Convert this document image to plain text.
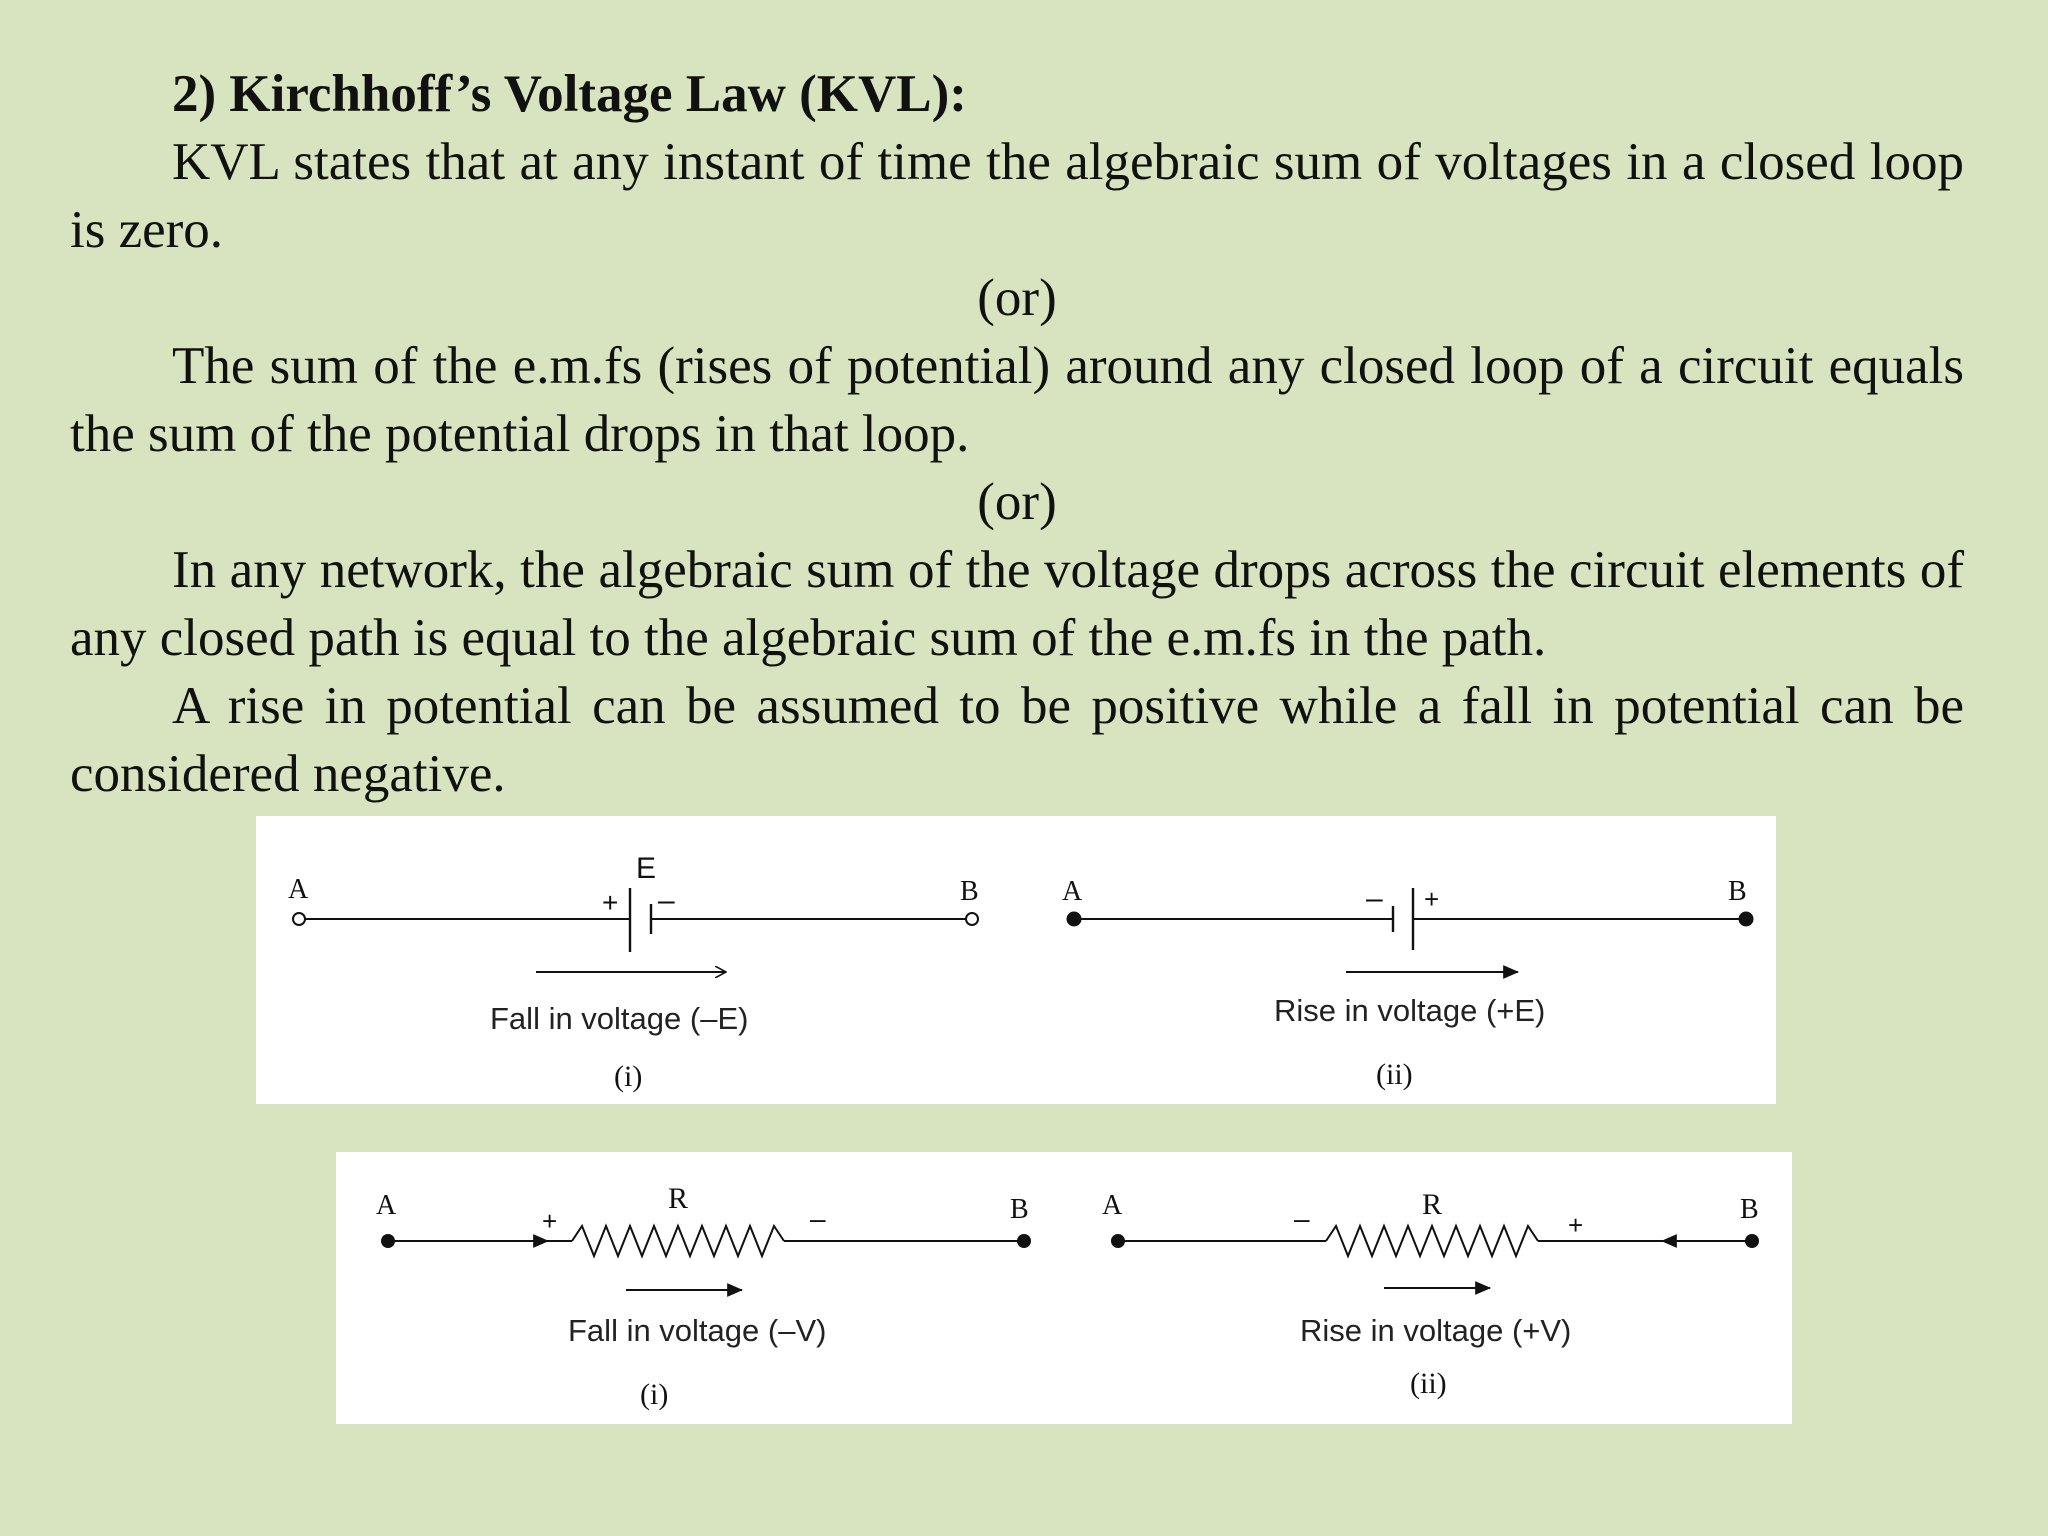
2) Kirchhoff’s Voltage Law (KVL):

KVL states that at any instant of time the algebraic sum of voltages in a closed loop is zero.

(or)

The sum of the e.m.fs (rises of potential) around any closed loop of a circuit equals the sum of the potential drops in that loop.

(or)

In any network, the algebraic sum of the voltage drops across the circuit elements of any closed path is equal to the algebraic sum of the e.m.fs in the path.

A rise in potential can be assumed to be positive while a fall in potential can be considered negative.

A	B
E
+ –
Fall in voltage (–E)
(i)
A	B
– +
Rise in voltage (+E)
(ii)
A	B
R
+	–
Fall in voltage (–V)
(i)
A	B
R
–	+
Rise in voltage (+V)
(ii)
